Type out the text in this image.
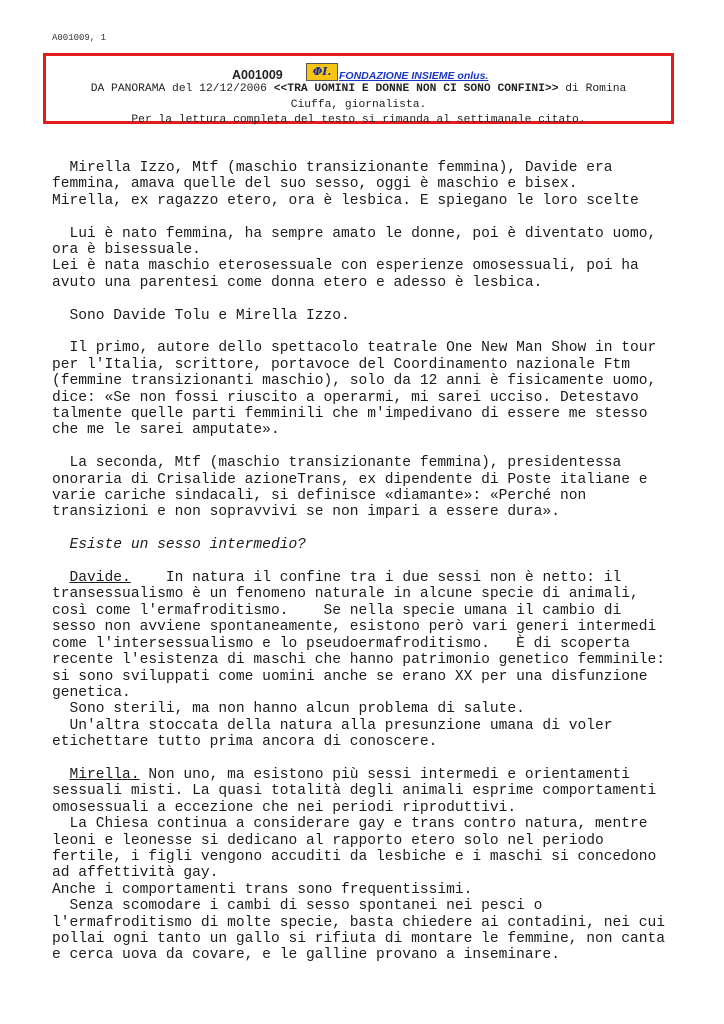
A001009, 1
A001009	ΦI. FONDAZIONE INSIEME onlus.
DA PANORAMA del 12/12/2006 <<TRA UOMINI E DONNE NON CI SONO CONFINI>> di Romina
Ciuffa, giornalista.
Per la lettura completa del testo si rimanda al settimanale citato.

Mirella Izzo, Mtf (maschio transizionante femmina), Davide era
femmina, amava quelle del suo sesso, oggi è maschio e bisex.
Mirella, ex ragazzo etero, ora è lesbica. E spiegano le loro scelte

Lui è nato femmina, ha sempre amato le donne, poi è diventato uomo,
ora è bisessuale.
Lei è nata maschio eterosessuale con esperienze omosessuali, poi ha
avuto una parentesi come donna etero e adesso è lesbica.

Sono Davide Tolu e Mirella Izzo.

Il primo, autore dello spettacolo teatrale One New Man Show in tour
per l'Italia, scrittore, portavoce del Coordinamento nazionale Ftm
(femmine transizionanti maschio), solo da 12 anni è fisicamente uomo,
dice: «Se non fossi riuscito a operarmi, mi sarei ucciso. Detestavo
talmente quelle parti femminili che m'impedivano di essere me stesso
che me le sarei amputate».

La seconda, Mtf (maschio transizionante femmina), presidentessa
onoraria di Crisalide azioneTrans, ex dipendente di Poste italiane e
varie cariche sindacali, si definisce «diamante»: «Perché non
transizioni e non sopravvivi se non impari a essere dura».

Esiste un sesso intermedio?

Davide.    In natura il confine tra i due sessi non è netto: il
transessualismo è un fenomeno naturale in alcune specie di animali,
così come l'ermafroditismo.    Se nella specie umana il cambio di
sesso non avviene spontaneamente, esistono però vari generi intermedi
come l'intersessualismo e lo pseudoermafroditismo.   È di scoperta
recente l'esistenza di maschi che hanno patrimonio genetico femminile:
si sono sviluppati come uomini anche se erano XX per una disfunzione
genetica.
Sono sterili, ma non hanno alcun problema di salute.
Un'altra stoccata della natura alla presunzione umana di voler
etichettare tutto prima ancora di conoscere.

Mirella. Non uno, ma esistono più sessi intermedi e orientamenti
sessuali misti. La quasi totalità degli animali esprime comportamenti
omosessuali a eccezione che nei periodi riproduttivi.
La Chiesa continua a considerare gay e trans contro natura, mentre
leoni e leonesse si dedicano al rapporto etero solo nel periodo
fertile, i figli vengono accuditi da lesbiche e i maschi si concedono
ad affettività gay.
Anche i comportamenti trans sono frequentissimi.
Senza scomodare i cambi di sesso spontanei nei pesci o
l'ermafroditismo di molte specie, basta chiedere ai contadini, nei cui
pollai ogni tanto un gallo si rifiuta di montare le femmine, non canta
e cerca uova da covare, e le galline provano a inseminare.
